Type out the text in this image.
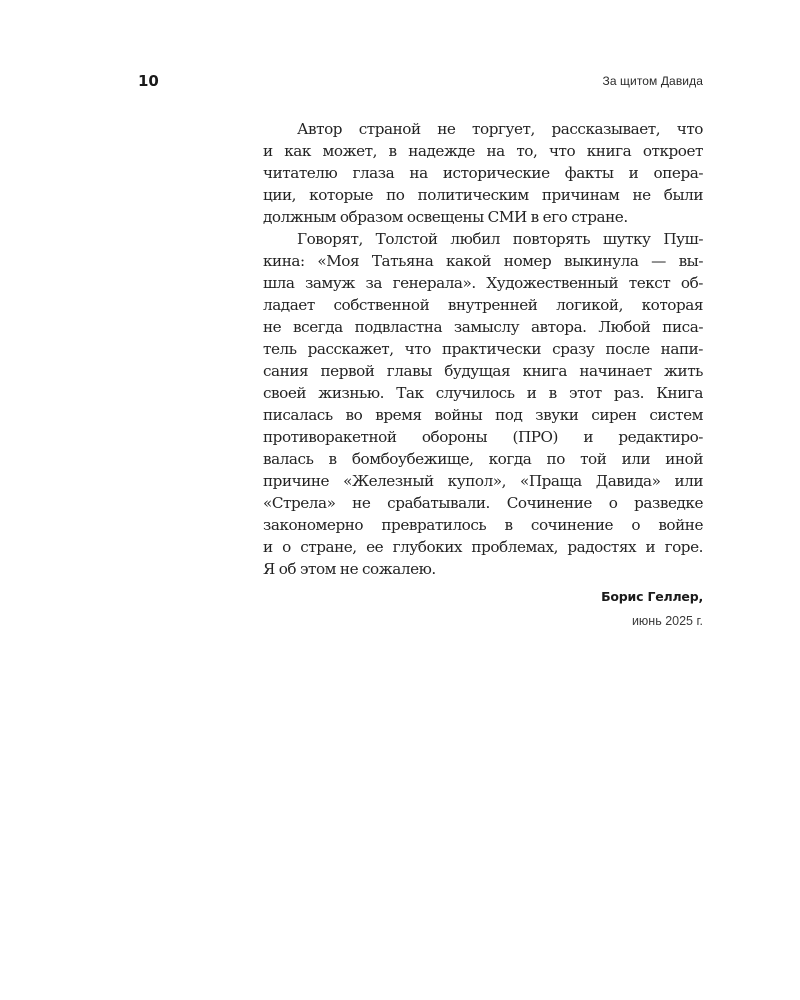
10	За щитом Давида
Автор страной не торгует, рассказывает, что
и как может, в надежде на то, что книга откроет
читателю глаза на исторические факты и опера-
ции, которые по политическим причинам не были
должным образом освещены СМИ в его стране.
Говорят, Толстой любил повторять шутку Пуш-
кина: «Моя Татьяна какой номер выкинула — вы-
шла замуж за генерала». Художественный текст об-
ладает собственной внутренней логикой, которая
не всегда подвластна замыслу автора. Любой писа-
тель расскажет, что практически сразу после напи-
сания первой главы будущая книга начинает жить
своей жизнью. Так случилось и в этот раз. Книга
писалась во время войны под звуки сирен систем
противоракетной обороны (ПРО) и редактиро-
валась в бомбоубежище, когда по той или иной
причине «Железный купол», «Праща Давида» или
«Стрела» не срабатывали. Сочинение о разведке
закономерно превратилось в сочинение о войне
и о стране, ее глубоких проблемах, радостях и горе.
Я об этом не сожалею.
Борис Геллер,
июнь 2025 г.
